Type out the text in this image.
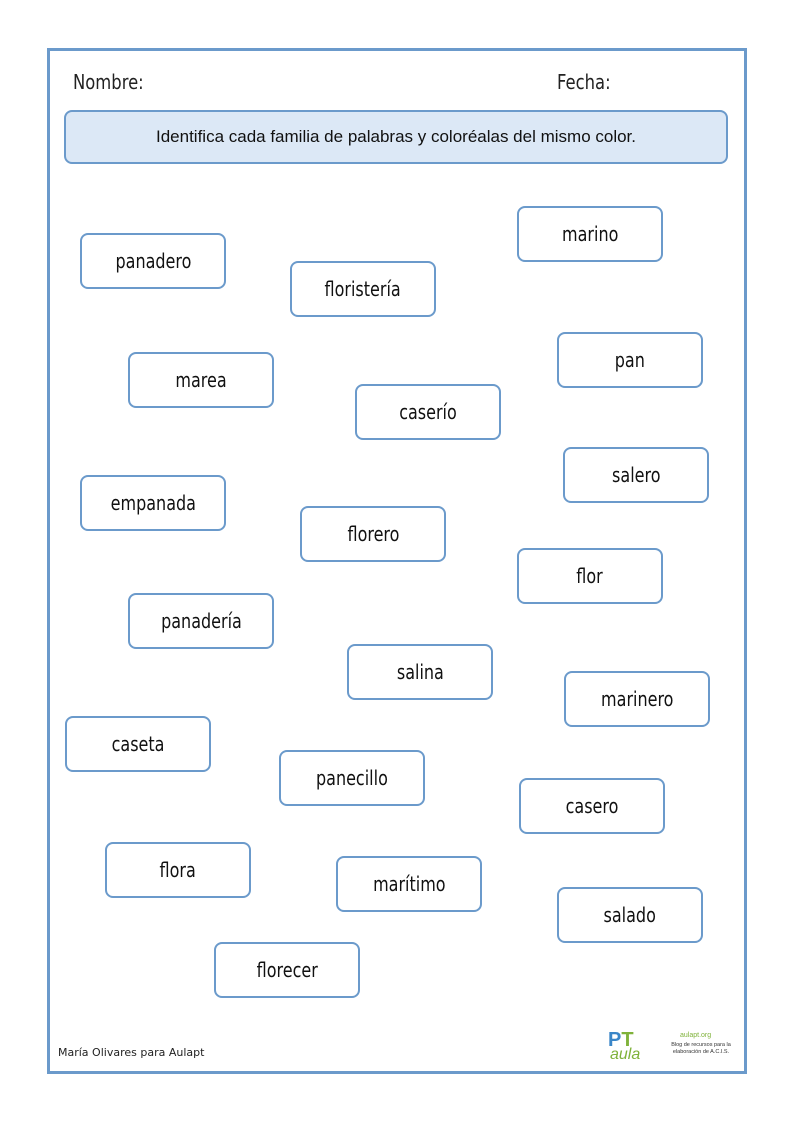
Nombre:	Fecha:
Identifica cada familia de palabras y coloréalas del mismo color.
marino
panadero
floristería
pan
marea
caserío
salero
empanada
florero
flor
panadería
salina
marinero
caseta
panecillo
casero
flora
marítimo
salado
florecer
María Olivares para Aulapt
PT
aula
aulapt.org
Blog de recursos para la elaboración de A.C.I.S.
